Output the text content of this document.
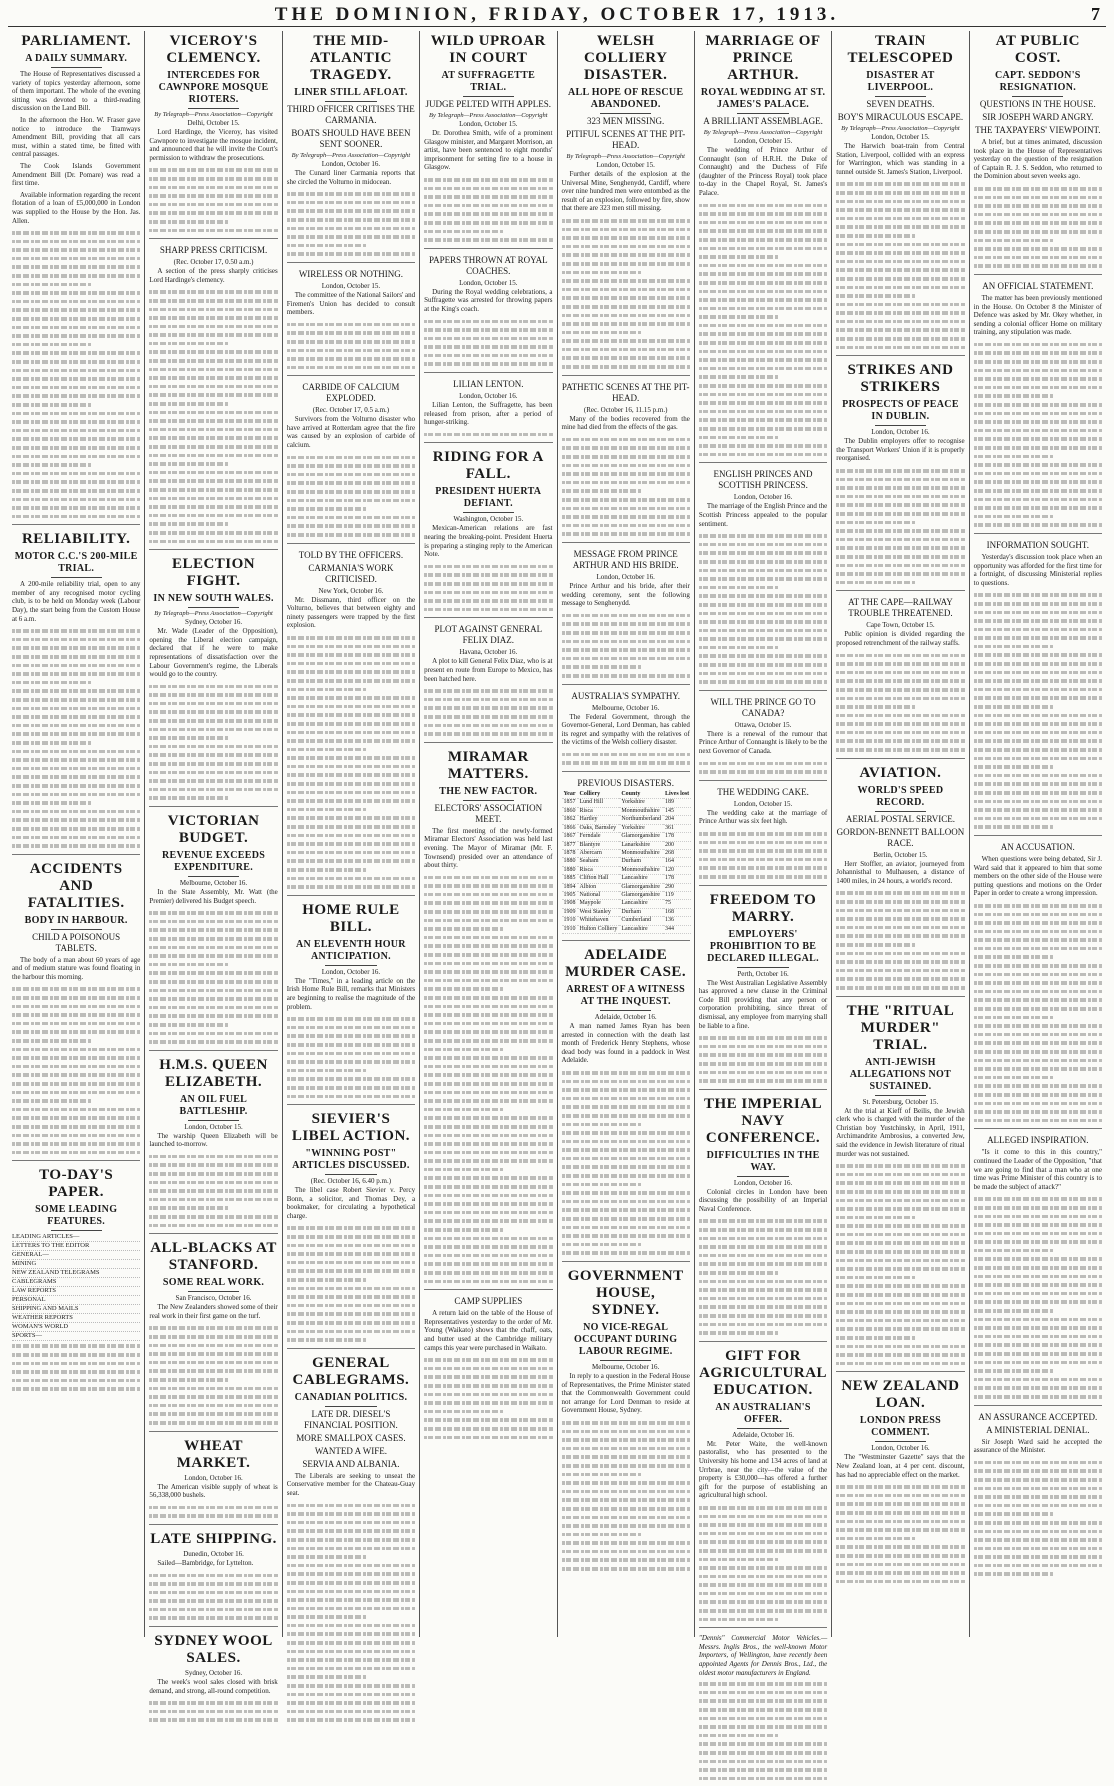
THE DOMINION, FRIDAY, OCTOBER 17, 1913.	7
PARLIAMENT.
A DAILY SUMMARY.

The House of Representatives discussed a variety of topics yesterday afternoon, some of them important. The whole of the evening sitting was devoted to a third-reading discussion on the Land Bill.

In the afternoon the Hon. W. Fraser gave notice to introduce the Tramways Amendment Bill, providing that all cars must, within a stated time, be fitted with central passages.

The Cook Islands Government Amendment Bill (Dr. Pomare) was read a first time.

Available information regarding the recent flotation of a loan of £5,000,000 in London was supplied to the House by the Hon. Jas. Allen.

RELIABILITY.
MOTOR C.C.'S 200-MILE TRIAL.

A 200-mile reliability trial, open to any member of any recognised motor cycling club, is to be held on Monday week (Labour Day), the start being from the Custom House at 6 a.m.

ACCIDENTS AND FATALITIES.
BODY IN HARBOUR.
CHILD A POISONOUS TABLETS.

The body of a man about 60 years of age and of medium stature was found floating in the harbour this morning.

TO-DAY'S PAPER.
SOME LEADING FEATURES.
LEADING ARTICLES—
LETTERS TO THE EDITOR
GENERAL—
MINING
NEW ZEALAND TELEGRAMS
CABLEGRAMS
LAW REPORTS
PERSONAL
SHIPPING AND MAILS
WEATHER REPORTS
WOMAN'S WORLD
SPORTS—
VICEROY'S CLEMENCY.
INTERCEDES FOR CAWNPORE MOSQUE RIOTERS.
By Telegraph—Press Association—Copyright
Delhi, October 15.

Lord Hardinge, the Viceroy, has visited Cawnpore to investigate the mosque incident, and announced that he will invite the Court's permission to withdraw the prosecutions.

SHARP PRESS CRITICISM.
(Rec. October 17, 0.50 a.m.)

A section of the press sharply criticises Lord Hardinge's clemency.

ELECTION FIGHT.
IN NEW SOUTH WALES.
By Telegraph—Press Association—Copyright
Sydney, October 16.

Mr. Wade (Leader of the Opposition), opening the Liberal election campaign, declared that if he were to make representations of dissatisfaction over the Labour Government's regime, the Liberals would go to the country.

VICTORIAN BUDGET.
REVENUE EXCEEDS EXPENDITURE.
Melbourne, October 16.

In the State Assembly, Mr. Watt (the Premier) delivered his Budget speech.

H.M.S. QUEEN ELIZABETH.
AN OIL FUEL BATTLESHIP.
London, October 15.

The warship Queen Elizabeth will be launched to-morrow.

ALL-BLACKS AT STANFORD.
SOME REAL WORK.
San Francisco, October 16.

The New Zealanders showed some of their real work in their first game on the turf.

WHEAT MARKET.
London, October 16.

The American visible supply of wheat is 56,338,000 bushels.

LATE SHIPPING.
Dunedin, October 16.

Sailed—Bambridge, for Lyttelton.

SYDNEY WOOL SALES.
Sydney, October 16.

The week's wool sales closed with brisk demand, and strong, all-round competition.

THE MID-ATLANTIC TRAGEDY.
LINER STILL AFLOAT.
THIRD OFFICER CRITISES THE CARMANIA.
BOATS SHOULD HAVE BEEN SENT SOONER.
By Telegraph—Press Association—Copyright
London, October 16.

The Cunard liner Carmania reports that she circled the Volturno in midocean.

WIRELESS OR NOTHING.
London, October 15.

The committee of the National Sailors' and Firemen's Union has decided to consult members.

CARBIDE OF CALCIUM EXPLODED.
(Rec. October 17, 0.5 a.m.)

Survivors from the Volturno disaster who have arrived at Rotterdam agree that the fire was caused by an explosion of carbide of calcium.

TOLD BY THE OFFICERS.
CARMANIA'S WORK CRITICISED.
New York, October 16.

Mr. Dissmann, third officer on the Volturno, believes that between eighty and ninety passengers were trapped by the first explosion.

HOME RULE BILL.
AN ELEVENTH HOUR ANTICIPATION.
London, October 16.

The "Times," in a leading article on the Irish Home Rule Bill, remarks that Ministers are beginning to realise the magnitude of the problem.

SIEVIER'S LIBEL ACTION.
"WINNING POST" ARTICLES DISCUSSED.
(Rec. October 16, 6.40 p.m.)

The libel case Robert Sievier v. Percy Bonn, a solicitor, and Thomas Dey, a bookmaker, for circulating a hypothetical charge.

GENERAL CABLEGRAMS.
CANADIAN POLITICS.
LATE DR. DIESEL'S FINANCIAL POSITION.
MORE SMALLPOX CASES.
WANTED A WIFE.
SERVIA AND ALBANIA.

The Liberals are seeking to unseat the Conservative member for the Chateau-Guay seat.

WILD UPROAR IN COURT
AT SUFFRAGETTE TRIAL.
JUDGE PELTED WITH APPLES.
By Telegraph—Press Association—Copyright
London, October 15.

Dr. Dorothea Smith, wife of a prominent Glasgow minister, and Margaret Morrison, an artist, have been sentenced to eight months' imprisonment for setting fire to a house in Glasgow.

PAPERS THROWN AT ROYAL COACHES.
London, October 15.

During the Royal wedding celebrations, a Suffragette was arrested for throwing papers at the King's coach.

LILIAN LENTON.
London, October 16.

Lilian Lenton, the Suffragette, has been released from prison, after a period of hunger-striking.

RIDING FOR A FALL.
PRESIDENT HUERTA DEFIANT.
Washington, October 15.

Mexican-American relations are fast nearing the breaking-point. President Huerta is preparing a stinging reply to the American Note.

PLOT AGAINST GENERAL FELIX DIAZ.
Havana, October 16.

A plot to kill General Felix Diaz, who is at present en route from Europe to Mexico, has been hatched here.

MIRAMAR MATTERS.
THE NEW FACTOR.
ELECTORS' ASSOCIATION MEET.

The first meeting of the newly-formed Miramar Electors' Association was held last evening. The Mayor of Miramar (Mr. F. Townsend) presided over an attendance of about thirty.

CAMP SUPPLIES

A return laid on the table of the House of Representatives yesterday to the order of Mr. Young (Waikato) shows that the chaff, oats, and butter used at the Cambridge military camps this year were purchased in Waikato.

WELSH COLLIERY DISASTER.
ALL HOPE OF RESCUE ABANDONED.
323 MEN MISSING.
PITIFUL SCENES AT THE PIT-HEAD.
By Telegraph—Press Association—Copyright
London, October 15.

Further details of the explosion at the Universal Mine, Senghenydd, Cardiff, where over nine hundred men were entombed as the result of an explosion, followed by fire, show that there are 323 men still missing.

PATHETIC SCENES AT THE PIT-HEAD.
(Rec. October 16, 11.15 p.m.)

Many of the bodies recovered from the mine had died from the effects of the gas.

MESSAGE FROM PRINCE ARTHUR AND HIS BRIDE.
London, October 16.

Prince Arthur and his bride, after their wedding ceremony, sent the following message to Senghenydd.

AUSTRALIA'S SYMPATHY.
Melbourne, October 16.

The Federal Government, through the Governor-General, Lord Denman, has cabled its regret and sympathy with the relatives of the victims of the Welsh colliery disaster.

PREVIOUS DISASTERS.
Year	Colliery	County	Lives lost
1857	Lund Hill	Yorkshire	189
1860	Risca	Monmouthshire	145
1862	Hartley	Northumberland	204
1866	Oaks, Barnsley	Yorkshire	361
1867	Ferndale	Glamorganshire	178
1877	Blantyre	Lanarkshire	200
1878	Abercarn	Monmouthshire	268
1880	Seaham	Durham	164
1880	Risca	Monmouthshire	120
1885	Clifton Hall	Lancashire	178
1894	Albion	Glamorganshire	290
1905	National	Glamorganshire	119
1908	Maypole	Lancashire	75
1909	West Stanley	Durham	168
1910	Whitehaven	Cumberland	136
1910	Hulton Colliery	Lancashire	344
ADELAIDE MURDER CASE.
ARREST OF A WITNESS AT THE INQUEST.
Adelaide, October 16.

A man named James Ryan has been arrested in connection with the death last month of Frederick Henry Stephens, whose dead body was found in a paddock in West Adelaide.

GOVERNMENT HOUSE, SYDNEY.
NO VICE-REGAL OCCUPANT DURING LABOUR REGIME.
Melbourne, October 16.

In reply to a question in the Federal House of Representatives, the Prime Minister stated that the Commonwealth Government could not arrange for Lord Denman to reside at Government House, Sydney.

MARRIAGE OF PRINCE ARTHUR.
ROYAL WEDDING AT ST. JAMES'S PALACE.
A BRILLIANT ASSEMBLAGE.
By Telegraph—Press Association—Copyright
London, October 15.

The wedding of Prince Arthur of Connaught (son of H.R.H. the Duke of Connaught) and the Duchess of Fife (daughter of the Princess Royal) took place to-day in the Chapel Royal, St. James's Palace.

ENGLISH PRINCES AND SCOTTISH PRINCESS.
London, October 16.

The marriage of the English Prince and the Scottish Princess appealed to the popular sentiment.

WILL THE PRINCE GO TO CANADA?
Ottawa, October 15.

There is a renewal of the rumour that Prince Arthur of Connaught is likely to be the next Governor of Canada.

THE WEDDING CAKE.
London, October 15.

The wedding cake at the marriage of Prince Arthur was six feet high.

FREEDOM TO MARRY.
EMPLOYERS' PROHIBITION TO BE DECLARED ILLEGAL.
Perth, October 16.

The West Australian Legislative Assembly has approved a new clause in the Criminal Code Bill providing that any person or corporation prohibiting, since threat of dismissal, any employee from marrying shall be liable to a fine.

THE IMPERIAL NAVY CONFERENCE.
DIFFICULTIES IN THE WAY.
London, October 16.

Colonial circles in London have been discussing the possibility of an Imperial Naval Conference.

GIFT FOR AGRICULTURAL EDUCATION.
AN AUSTRALIAN'S OFFER.
Adelaide, October 16.

Mr. Peter Waite, the well-known pastoralist, who has presented to the University his home and 134 acres of land at Urrbrae, near the city—the value of the property is £30,000—has offered a further gift for the purpose of establishing an agricultural high school.

"Dennis" Commercial Motor Vehicles.—Messrs. Inglis Bros., the well-known Motor Importers, of Wellington, have recently been appointed Agents for Dennis Bros., Ltd., the oldest motor manufacturers in England.

TRAIN TELESCOPED
DISASTER AT LIVERPOOL.
SEVEN DEATHS.
BOY'S MIRACULOUS ESCAPE.
By Telegraph—Press Association—Copyright
London, October 15.

The Harwich boat-train from Central Station, Liverpool, collided with an express for Warrington, which was standing in a tunnel outside St. James's Station, Liverpool.

STRIKES AND STRIKERS
PROSPECTS OF PEACE IN DUBLIN.
London, October 16.

The Dublin employers offer to recognise the Transport Workers' Union if it is properly reorganised.

AT THE CAPE—RAILWAY TROUBLE THREATENED.
Cape Town, October 15.

Public opinion is divided regarding the proposed retrenchment of the railway staffs.

AVIATION.
WORLD'S SPEED RECORD.
AERIAL POSTAL SERVICE.
GORDON-BENNETT BALLOON RACE.
Berlin, October 15.

Herr Stoffler, an aviator, journeyed from Johannisthal to Mulhausen, a distance of 1400 miles, in 24 hours, a world's record.

THE "RITUAL MURDER" TRIAL.
ANTI-JEWISH ALLEGATIONS NOT SUSTAINED.
St. Petersburg, October 15.

At the trial at Kieff of Beilis, the Jewish clerk who is charged with the murder of the Christian boy Yustchinsky, in April, 1911, Archimandrite Ambrosius, a converted Jew, said the evidence in Jewish literature of ritual murder was not sustained.

NEW ZEALAND LOAN.
LONDON PRESS COMMENT.
London, October 16.

The "Westminster Gazette" says that the New Zealand loan, at 4 per cent. discount, has had no appreciable effect on the market.

AT PUBLIC COST.
CAPT. SEDDON'S RESIGNATION.
QUESTIONS IN THE HOUSE.
SIR JOSEPH WARD ANGRY.
THE TAXPAYERS' VIEWPOINT.

A brief, but at times animated, discussion took place in the House of Representatives yesterday on the question of the resignation of Captain R. J. S. Seddon, who returned to the Dominion about seven weeks ago.

AN OFFICIAL STATEMENT.

The matter has been previously mentioned in the House. On October 8 the Minister of Defence was asked by Mr. Okey whether, in sending a colonial officer Home on military training, any stipulation was made.

INFORMATION SOUGHT.

Yesterday's discussion took place when an opportunity was afforded for the first time for a fortnight, of discussing Ministerial replies to questions.

AN ACCUSATION.

When questions were being debated, Sir J. Ward said that it appeared to him that some members on the other side of the House were putting questions and motions on the Order Paper in order to create a wrong impression.

ALLEGED INSPIRATION.

"Is it come to this in this country," continued the Leader of the Opposition, "that we are going to find that a man who at one time was Prime Minister of this country is to be made the subject of attack?"

AN ASSURANCE ACCEPTED.
A MINISTERIAL DENIAL.

Sir Joseph Ward said he accepted the assurance of the Minister.
